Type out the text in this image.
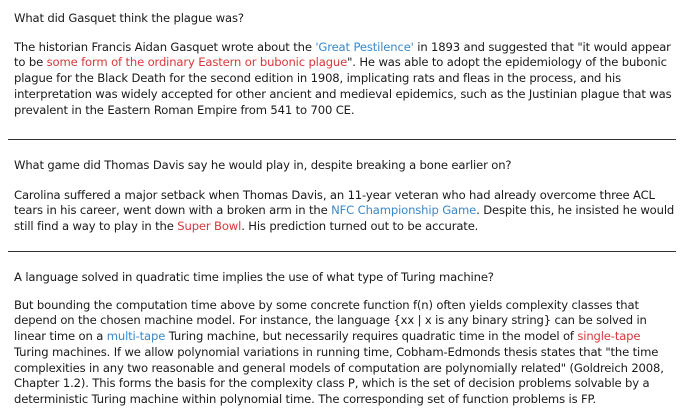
What did Gasquet think the plague was?

The historian Francis Aidan Gasquet wrote about the 'Great Pestilence' in 1893 and suggested that "it would appear to be some form of the ordinary Eastern or bubonic plague". He was able to adopt the epidemiology of the bubonic plague for the Black Death for the second edition in 1908, implicating rats and fleas in the process, and his interpretation was widely accepted for other ancient and medieval epidemics, such as the Justinian plague that was prevalent in the Eastern Roman Empire from 541 to 700 CE.

What game did Thomas Davis say he would play in, despite breaking a bone earlier on?

Carolina suffered a major setback when Thomas Davis, an 11-year veteran who had already overcome three ACL tears in his career, went down with a broken arm in the NFC Championship Game. Despite this, he insisted he would still find a way to play in the Super Bowl. His prediction turned out to be accurate.

A language solved in quadratic time implies the use of what type of Turing machine?

But bounding the computation time above by some concrete function f(n) often yields complexity classes that depend on the chosen machine model. For instance, the language {xx | x is any binary string} can be solved in linear time on a multi-tape Turing machine, but necessarily requires quadratic time in the model of single-tape Turing machines. If we allow polynomial variations in running time, Cobham-Edmonds thesis states that "the time complexities in any two reasonable and general models of computation are polynomially related" (Goldreich 2008, Chapter 1.2). This forms the basis for the complexity class P, which is the set of decision problems solvable by a deterministic Turing machine within polynomial time. The corresponding set of function problems is FP.
